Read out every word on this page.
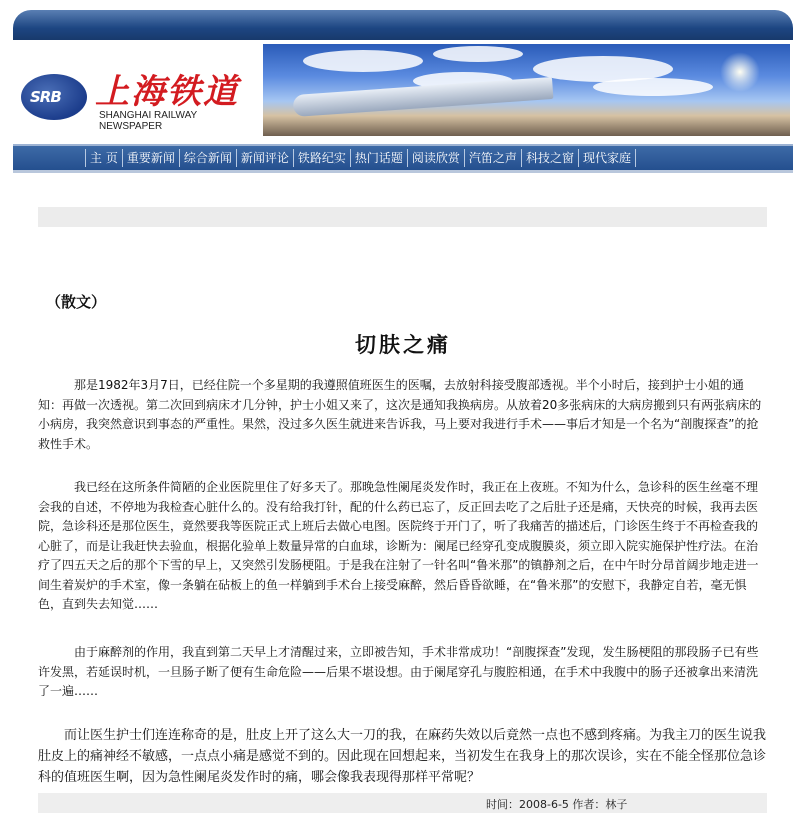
SRB 上海铁道
SHANGHAI RAILWAY NEWSPAPER
主 页 重要新闻 综合新闻 新闻评论 铁路纪实 热门话题 阅读欣赏 汽笛之声 科技之窗 现代家庭
（散文）
切肤之痛

那是1982年3月7日，已经住院一个多星期的我遵照值班医生的医嘱，去放射科接受腹部透视。半个小时后，接到护士小姐的通知：再做一次透视。第二次回到病床才几分钟，护士小姐又来了，这次是通知我换病房。从放着20多张病床的大病房搬到只有两张病床的小病房，我突然意识到事态的严重性。果然，没过多久医生就进来告诉我，马上要对我进行手术——事后才知是一个名为“剖腹探查”的抢救性手术。

我已经在这所条件简陋的企业医院里住了好多天了。那晚急性阑尾炎发作时，我正在上夜班。不知为什么，急诊科的医生丝毫不理会我的自述，不停地为我检查心脏什么的。没有给我打针，配的什么药已忘了，反正回去吃了之后肚子还是痛，天快亮的时候，我再去医院，急诊科还是那位医生，竟然要我等医院正式上班后去做心电图。医院终于开门了，听了我痛苦的描述后，门诊医生终于不再检查我的心脏了，而是让我赶快去验血，根据化验单上数量异常的白血球，诊断为：阑尾已经穿孔变成腹膜炎，须立即入院实施保护性疗法。在治疗了四五天之后的那个下雪的早上，又突然引发肠梗阻。于是我在注射了一针名叫“鲁米那”的镇静剂之后，在中午时分昂首阔步地走进一间生着炭炉的手术室，像一条躺在砧板上的鱼一样躺到手术台上接受麻醉，然后昏昏欲睡，在“鲁米那”的安慰下，我静定自若，毫无惧色，直到失去知觉……

由于麻醉剂的作用，我直到第二天早上才清醒过来，立即被告知，手术非常成功！“剖腹探查”发现，发生肠梗阻的那段肠子已有些许发黑，若延误时机，一旦肠子断了便有生命危险——后果不堪设想。由于阑尾穿孔与腹腔相通，在手术中我腹中的肠子还被拿出来清洗了一遍……

而让医生护士们连连称奇的是，肚皮上开了这么大一刀的我，在麻药失效以后竟然一点也不感到疼痛。为我主刀的医生说我肚皮上的痛神经不敏感，一点点小痛是感觉不到的。因此现在回想起来，当初发生在我身上的那次误诊，实在不能全怪那位急诊科的值班医生啊，因为急性阑尾炎发作时的痛，哪会像我表现得那样平常呢？

时间：2008-6-5 作者：林子
